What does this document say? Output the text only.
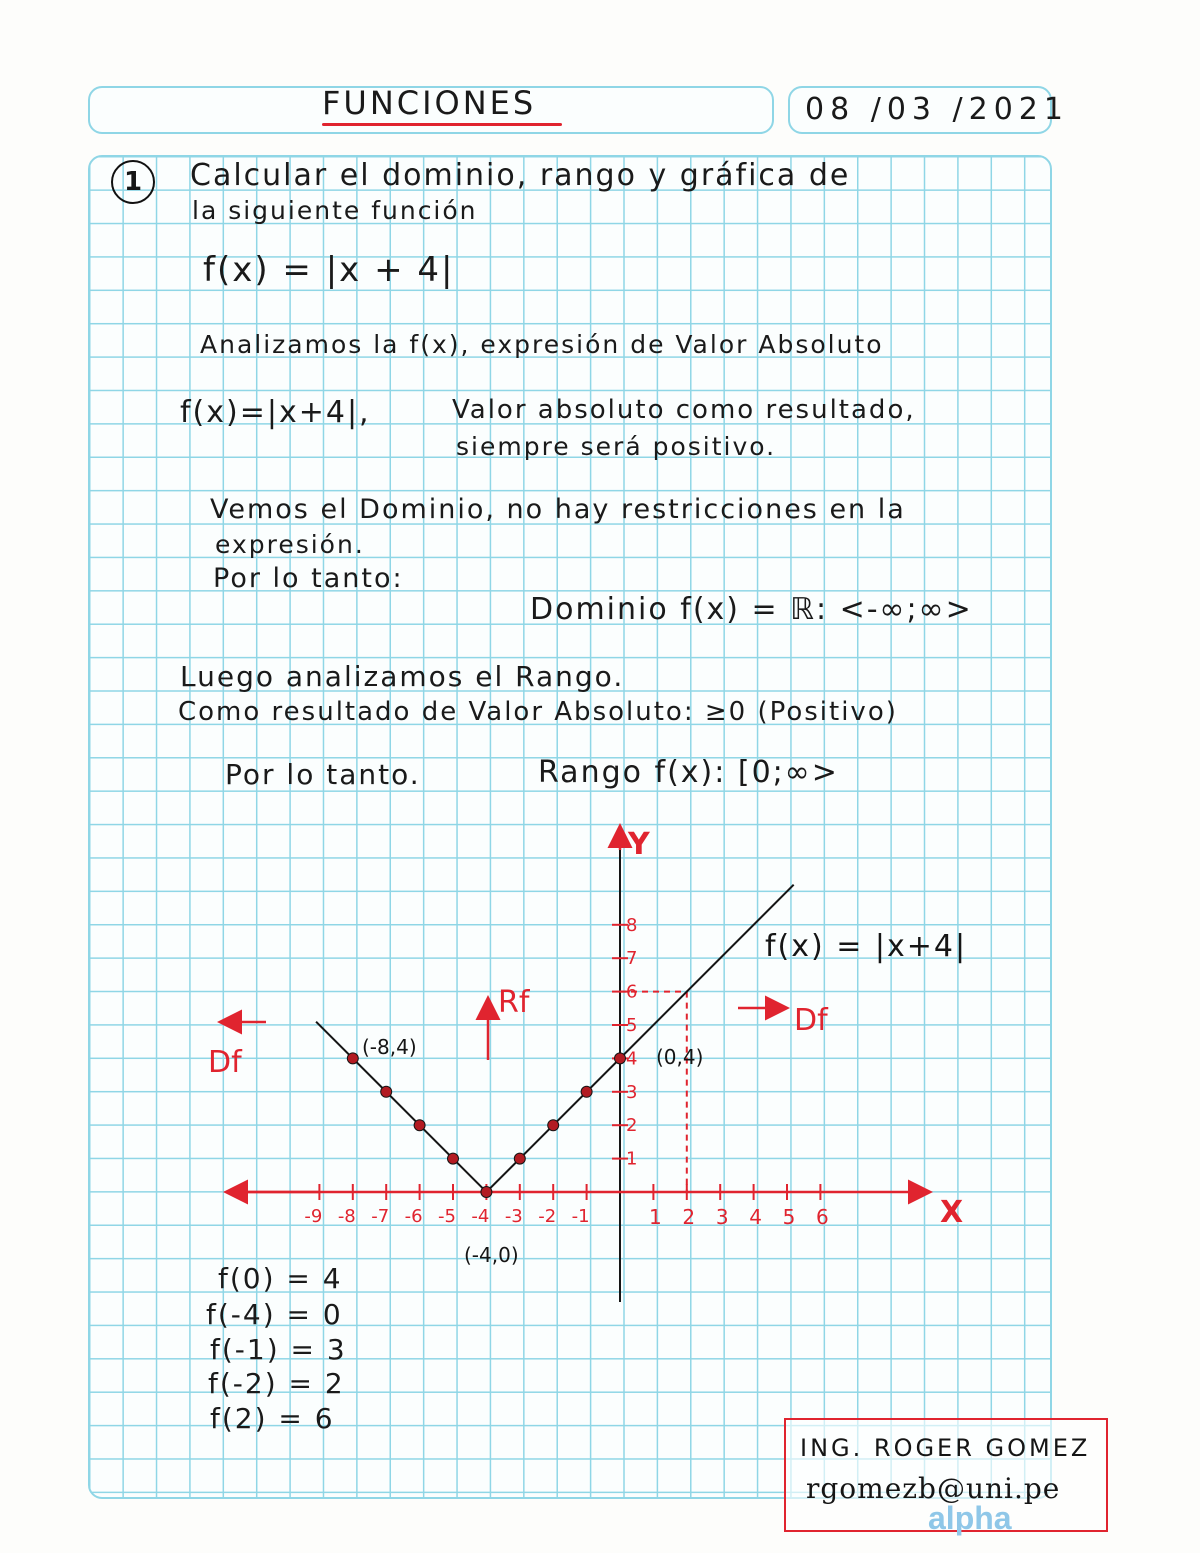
FUNCIONES	08 /03 /2021
1	Calcular el dominio, rango y gráfica de
la siguiente función
f(x) = |x + 4|
Analizamos la f(x), expresión de Valor Absoluto
f(x)=|x+4|,	Valor absoluto como resultado,
siempre será positivo.
Vemos el Dominio, no hay restricciones en la
expresión.
Por lo tanto:
Dominio f(x) = ℝ: <-∞;∞>
Luego analizamos el Rango.
Como resultado de Valor Absoluto: ≥0 (Positivo)
Por lo tanto.	Rango f(x): [0;∞>
-9 -8 -7 -6 -5 -4 -3 -2 -1	1 2 3 4 5 6
1
2
3
4
5
6
7
8
X
Y
f(x) = |x+4|
(-8,4)	(0,4)
(-4,0)
Rf
Df
Df
f(0) = 4
f(-4) = 0
f(-1) = 3
f(-2) = 2
f(2) = 6
ING. ROGER GOMEZ
rgomezb@uni.pe
alpha
